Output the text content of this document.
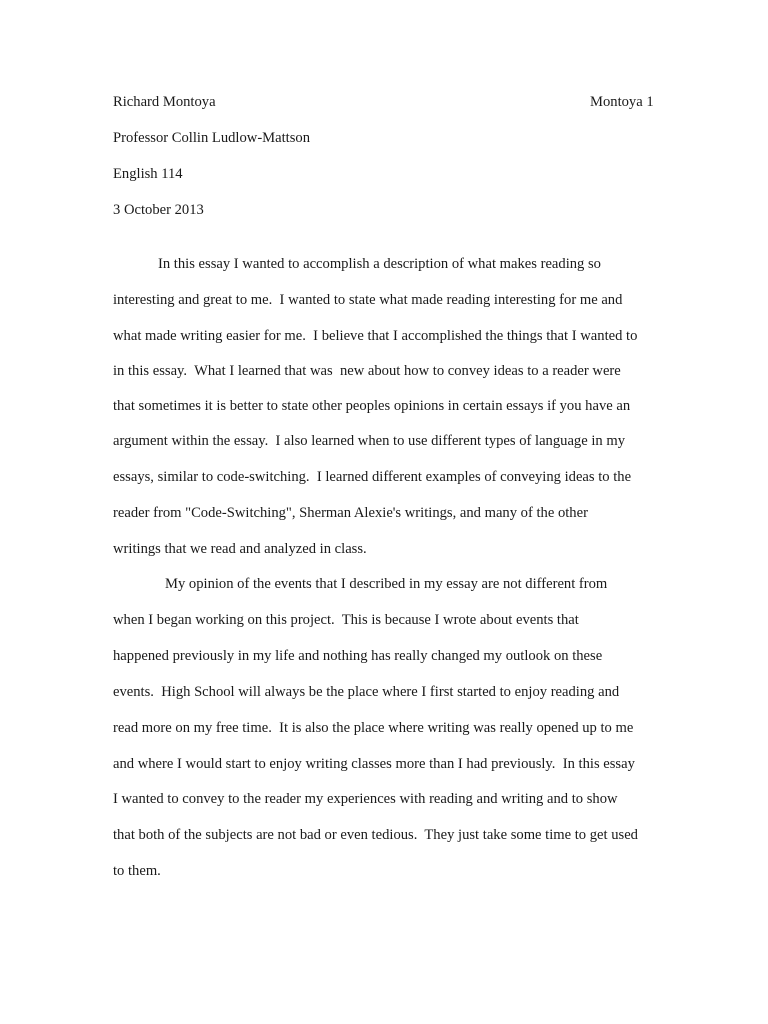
Richard Montoya	Montoya 1
Professor Collin Ludlow-Mattson
English 114
3 October 2013
In this essay I wanted to accomplish a description of what makes reading so
interesting and great to me.  I wanted to state what made reading interesting for me and
what made writing easier for me.  I believe that I accomplished the things that I wanted to
in this essay.  What I learned that was  new about how to convey ideas to a reader were
that sometimes it is better to state other peoples opinions in certain essays if you have an
argument within the essay.  I also learned when to use different types of language in my
essays, similar to code-switching.  I learned different examples of conveying ideas to the
reader from "Code-Switching", Sherman Alexie's writings, and many of the other
writings that we read and analyzed in class.
My opinion of the events that I described in my essay are not different from
when I began working on this project.  This is because I wrote about events that
happened previously in my life and nothing has really changed my outlook on these
events.  High School will always be the place where I first started to enjoy reading and
read more on my free time.  It is also the place where writing was really opened up to me
and where I would start to enjoy writing classes more than I had previously.  In this essay
I wanted to convey to the reader my experiences with reading and writing and to show
that both of the subjects are not bad or even tedious.  They just take some time to get used
to them.
